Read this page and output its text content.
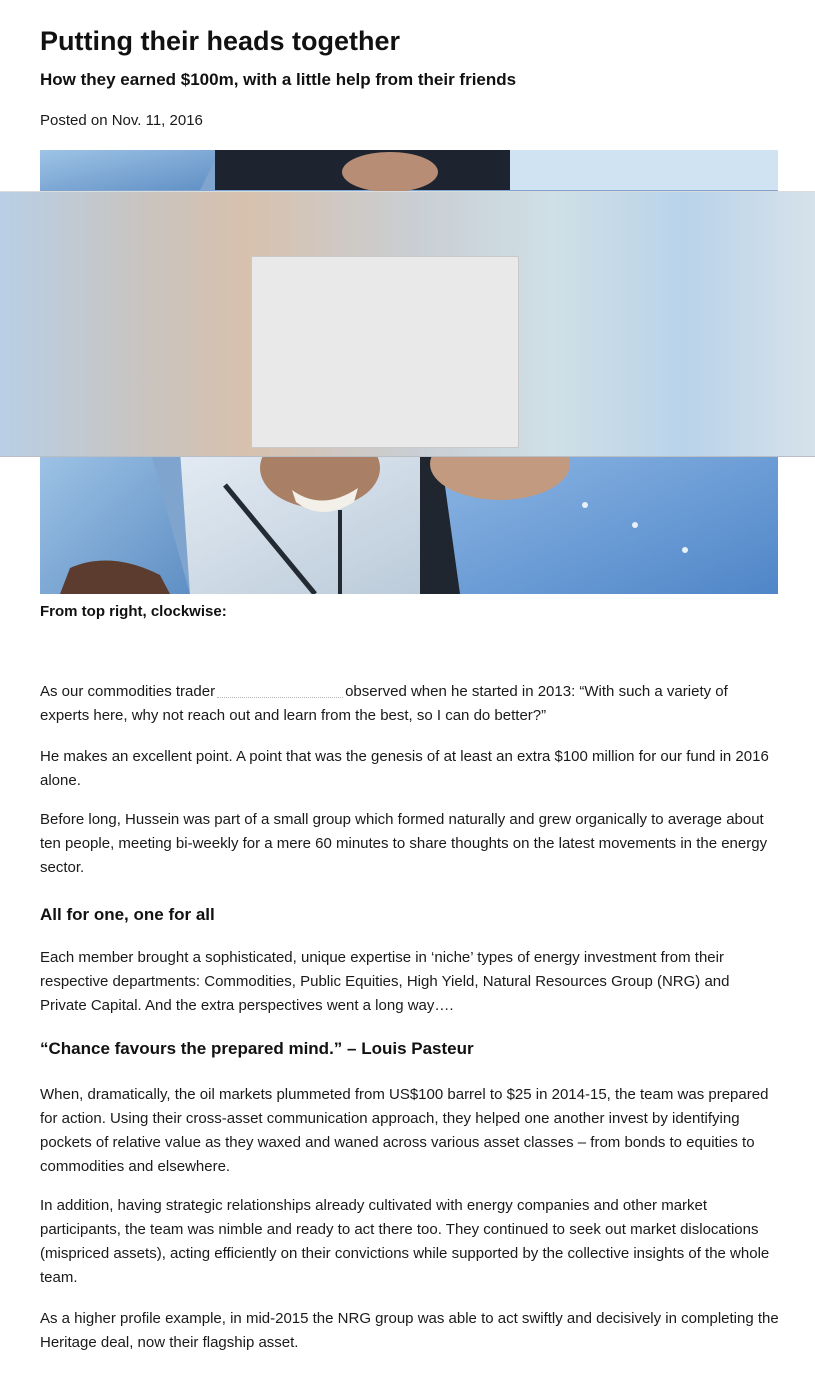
Putting their heads together
How they earned $100m, with a little help from their friends
Posted on Nov. 11, 2016
From top right, clockwise:

As our commodities trader	observed when he started in 2013: “With such a variety of experts here, why not reach out and learn from the best, so I can do better?”

He makes an excellent point. A point that was the genesis of at least an extra $100 million for our fund in 2016 alone.

Before long, Hussein was part of a small group which formed naturally and grew organically to average about ten people, meeting bi-weekly for a mere 60 minutes to share thoughts on the latest movements in the energy sector.

All for one, one for all

Each member brought a sophisticated, unique expertise in ‘niche’ types of energy investment from their respective departments: Commodities, Public Equities, High Yield, Natural Resources Group (NRG) and Private Capital. And the extra perspectives went a long way….

“Chance favours the prepared mind.” – Louis Pasteur

When, dramatically, the oil markets plummeted from US$100 barrel to $25 in 2014-15, the team was prepared for action. Using their cross-asset communication approach, they helped one another invest by identifying pockets of relative value as they waxed and waned across various asset classes – from bonds to equities to commodities and elsewhere.

In addition, having strategic relationships already cultivated with energy companies and other market participants, the team was nimble and ready to act there too. They continued to seek out market dislocations (mispriced assets), acting efficiently on their convictions while supported by the collective insights of the whole team.

As a higher profile example, in mid-2015 the NRG group was able to act swiftly and decisively in completing the Heritage deal, now their flagship asset.
